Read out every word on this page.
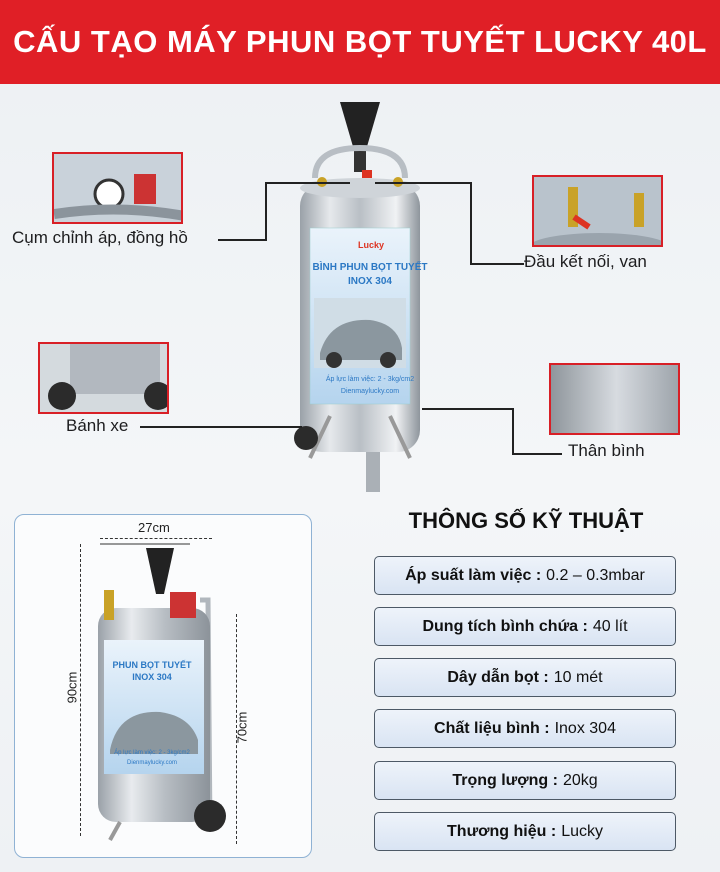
CẤU TẠO MÁY PHUN BỌT TUYẾT LUCKY 40L
Lucky
BÌNH PHUN BỌT TUYẾT
INOX 304
Áp lực làm việc: 2 - 3kg/cm2
Dienmaylucky.com
Cụm chỉnh áp, đồng hồ
Đầu kết nối, van
Bánh xe
Thân bình
PHUN BỌT TUYẾT
INOX 304
Áp lực làm việc: 2 - 3kg/cm2
Dienmaylucky.com
27cm
90cm
70cm
THÔNG SỐ KỸ THUẬT
Áp suất làm việc : 0.2 – 0.3mbar
Dung tích bình chứa : 40 lít
Dây dẫn bọt : 10 mét
Chất liệu bình : Inox 304
Trọng lượng : 20kg
Thương hiệu : Lucky
